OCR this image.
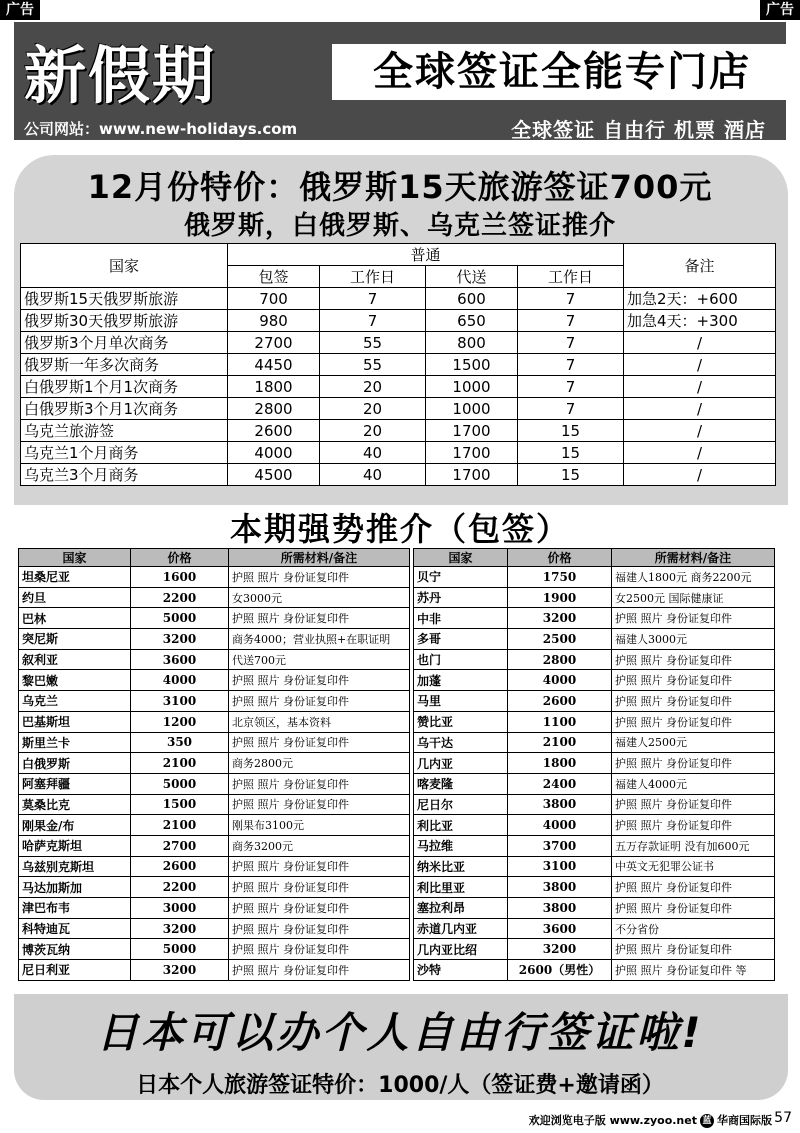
广告	广告
新假期	全球签证全能专门店
公司网站：www.new-holidays.com	全球签证 自由行 机票 酒店
12月份特价：俄罗斯15天旅游签证700元
俄罗斯，白俄罗斯、乌克兰签证推介
国家	普通				备注
	包签	工作日	代送	工作日	
俄罗斯15天俄罗斯旅游	700	7	600	7	加急2天：+600
俄罗斯30天俄罗斯旅游	980	7	650	7	加急4天：+300
俄罗斯3个月单次商务	2700	55	800	7	/
俄罗斯一年多次商务	4450	55	1500	7	/
白俄罗斯1个月1次商务	1800	20	1000	7	/
白俄罗斯3个月1次商务	2800	20	1000	7	/
乌克兰旅游签	2600	20	1700	15	/
乌克兰1个月商务	4000	40	1700	15	/
乌克兰3个月商务	4500	40	1700	15	/
本期强势推介（包签）
国家	价格	所需材料/备注
坦桑尼亚	1600	护照 照片 身份证复印件
约旦	2200	女3000元
巴林	5000	护照 照片 身份证复印件
突尼斯	3200	商务4000；营业执照+在职证明
叙利亚	3600	代送700元
黎巴嫩	4000	护照 照片 身份证复印件
乌克兰	3100	护照 照片 身份证复印件
巴基斯坦	1200	北京领区，基本资料
斯里兰卡	350	护照 照片 身份证复印件
白俄罗斯	2100	商务2800元
阿塞拜疆	5000	护照 照片 身份证复印件
莫桑比克	1500	护照 照片 身份证复印件
刚果金/布	2100	刚果布3100元
哈萨克斯坦	2700	商务3200元
乌兹别克斯坦	2600	护照 照片 身份证复印件
马达加斯加	2200	护照 照片 身份证复印件
津巴布韦	3000	护照 照片 身份证复印件
科特迪瓦	3200	护照 照片 身份证复印件
博茨瓦纳	5000	护照 照片 身份证复印件
尼日利亚	3200	护照 照片 身份证复印件
国家	价格	所需材料/备注
贝宁	1750	福建人1800元 商务2200元
苏丹	1900	女2500元 国际健康证
中非	3200	护照 照片 身份证复印件
多哥	2500	福建人3000元
也门	2800	护照 照片 身份证复印件
加蓬	4000	护照 照片 身份证复印件
马里	2600	护照 照片 身份证复印件
赞比亚	1100	护照 照片 身份证复印件
乌干达	2100	福建人2500元
几内亚	1800	护照 照片 身份证复印件
喀麦隆	2400	福建人4000元
尼日尔	3800	护照 照片 身份证复印件
利比亚	4000	护照 照片 身份证复印件
马拉维	3700	五万存款证明 没有加600元
纳米比亚	3100	中英文无犯罪公证书
利比里亚	3800	护照 照片 身份证复印件
塞拉利昂	3800	护照 照片 身份证复印件
赤道几内亚	3600	不分省份
几内亚比绍	3200	护照 照片 身份证复印件
沙特	2600（男性）	护照 照片 身份证复印件 等
日本可以办个人自由行签证啦!
日本个人旅游签证特价：1000/人（签证费+邀请函）
欢迎浏览电子版 www.zyoo.net 蓝 华商国际版 57
